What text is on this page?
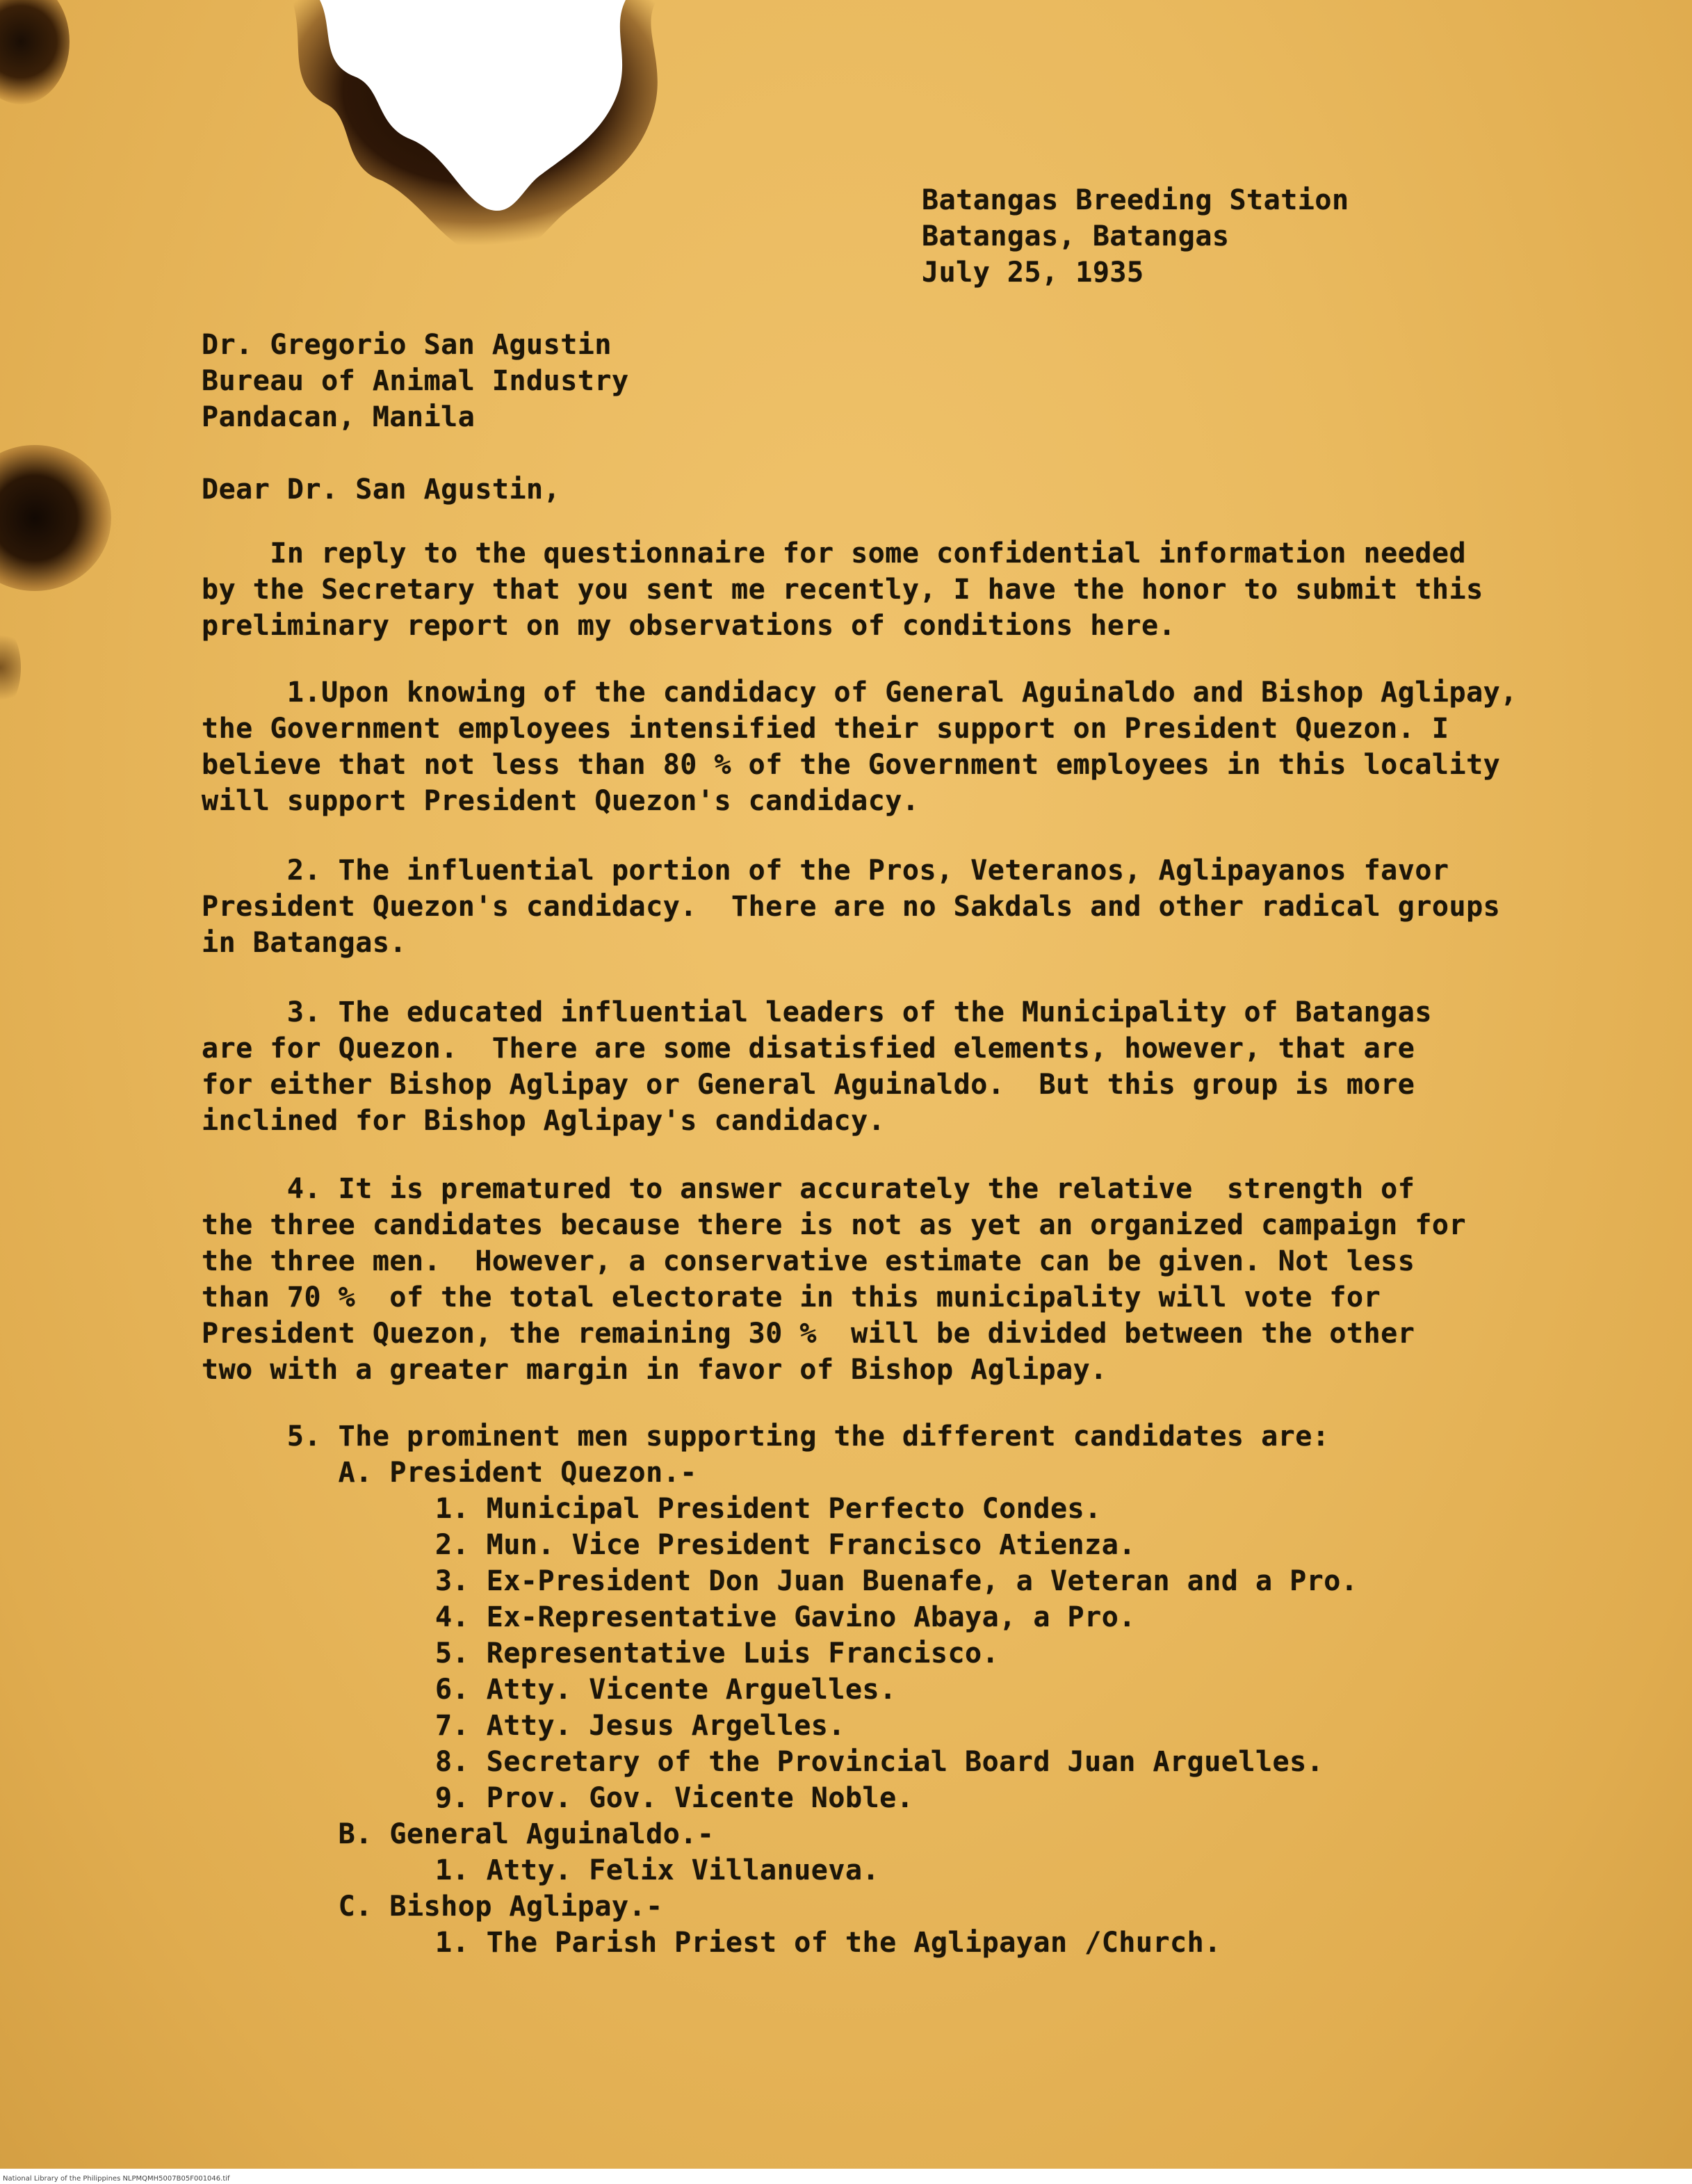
Batangas Breeding Station
Batangas, Batangas
July 25, 1935
Dr. Gregorio San Agustin
Bureau of Animal Industry
Pandacan, Manila
Dear Dr. San Agustin,
In reply to the questionnaire for some confidential information needed
by the Secretary that you sent me recently, I have the honor to submit this
preliminary report on my observations of conditions here.
1.Upon knowing of the candidacy of General Aguinaldo and Bishop Aglipay,
the Government employees intensified their support on President Quezon. I
believe that not less than 80 % of the Government employees in this locality
will support President Quezon's candidacy.
2. The influential portion of the Pros, Veteranos, Aglipayanos favor
President Quezon's candidacy.  There are no Sakdals and other radical groups
in Batangas.
3. The educated influential leaders of the Municipality of Batangas
are for Quezon.  There are some disatisfied elements, however, that are
for either Bishop Aglipay or General Aguinaldo.  But this group is more
inclined for Bishop Aglipay's candidacy.
4. It is prematured to answer accurately the relative  strength of
the three candidates because there is not as yet an organized campaign for
the three men.  However, a conservative estimate can be given. Not less
than 70 %  of the total electorate in this municipality will vote for
President Quezon, the remaining 30 %  will be divided between the other
two with a greater margin in favor of Bishop Aglipay.
5. The prominent men supporting the different candidates are:
A. President Quezon.-
1. Municipal President Perfecto Condes.
2. Mun. Vice President Francisco Atienza.
3. Ex-President Don Juan Buenafe, a Veteran and a Pro.
4. Ex-Representative Gavino Abaya, a Pro.
5. Representative Luis Francisco.
6. Atty. Vicente Arguelles.
7. Atty. Jesus Argelles.
8. Secretary of the Provincial Board Juan Arguelles.
9. Prov. Gov. Vicente Noble.
B. General Aguinaldo.-
1. Atty. Felix Villanueva.
C. Bishop Aglipay.-
1. The Parish Priest of the Aglipayan /Church.
National Library of the Philippines NLPMQMH5007B05F001046.tif
